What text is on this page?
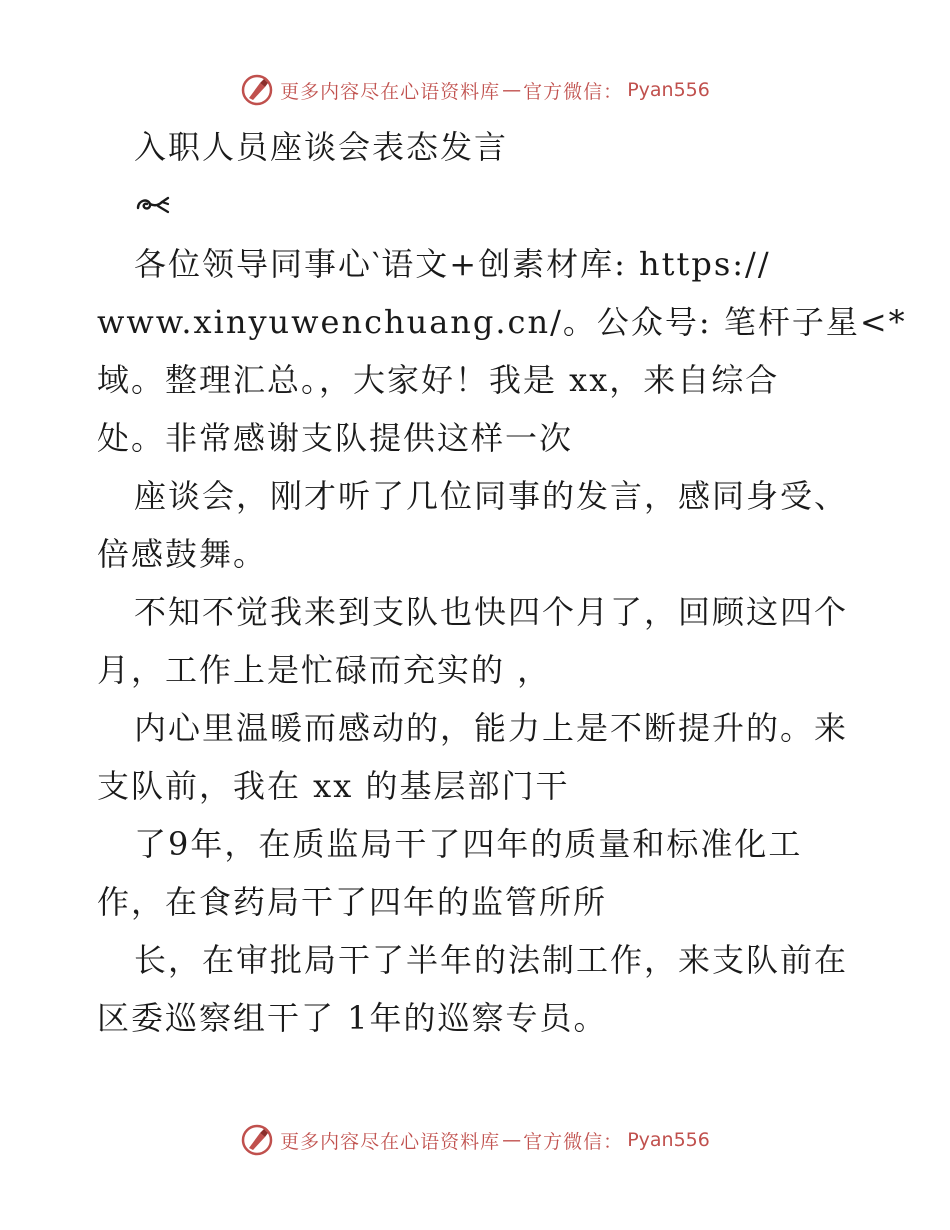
更多内容尽在心语资料库 — 官方微信： Pyan556
入职人员座谈会表态发言
各位领导同事心‵语文+创素材库: https://
www.xinyuwenchuang.cn/。公众号: 笔杆子星<*
域。整理汇总。，大家好！我是 xx，来自综合
处。非常感谢支队提供这样一次
座谈会，刚才听了几位同事的发言，感同身受、
倍感鼓舞。
不知不觉我来到支队也快四个月了，回顾这四个
月，工作上是忙碌而充实的 ，
内心里温暖而感动的，能力上是不断提升的。来
支队前，我在 xx 的基层部门干
了9年，在质监局干了四年的质量和标准化工
作，在食药局干了四年的监管所所
长，在审批局干了半年的法制工作，来支队前在
区委巡察组干了 1年的巡察专员。
更多内容尽在心语资料库 — 官方微信： Pyan556
